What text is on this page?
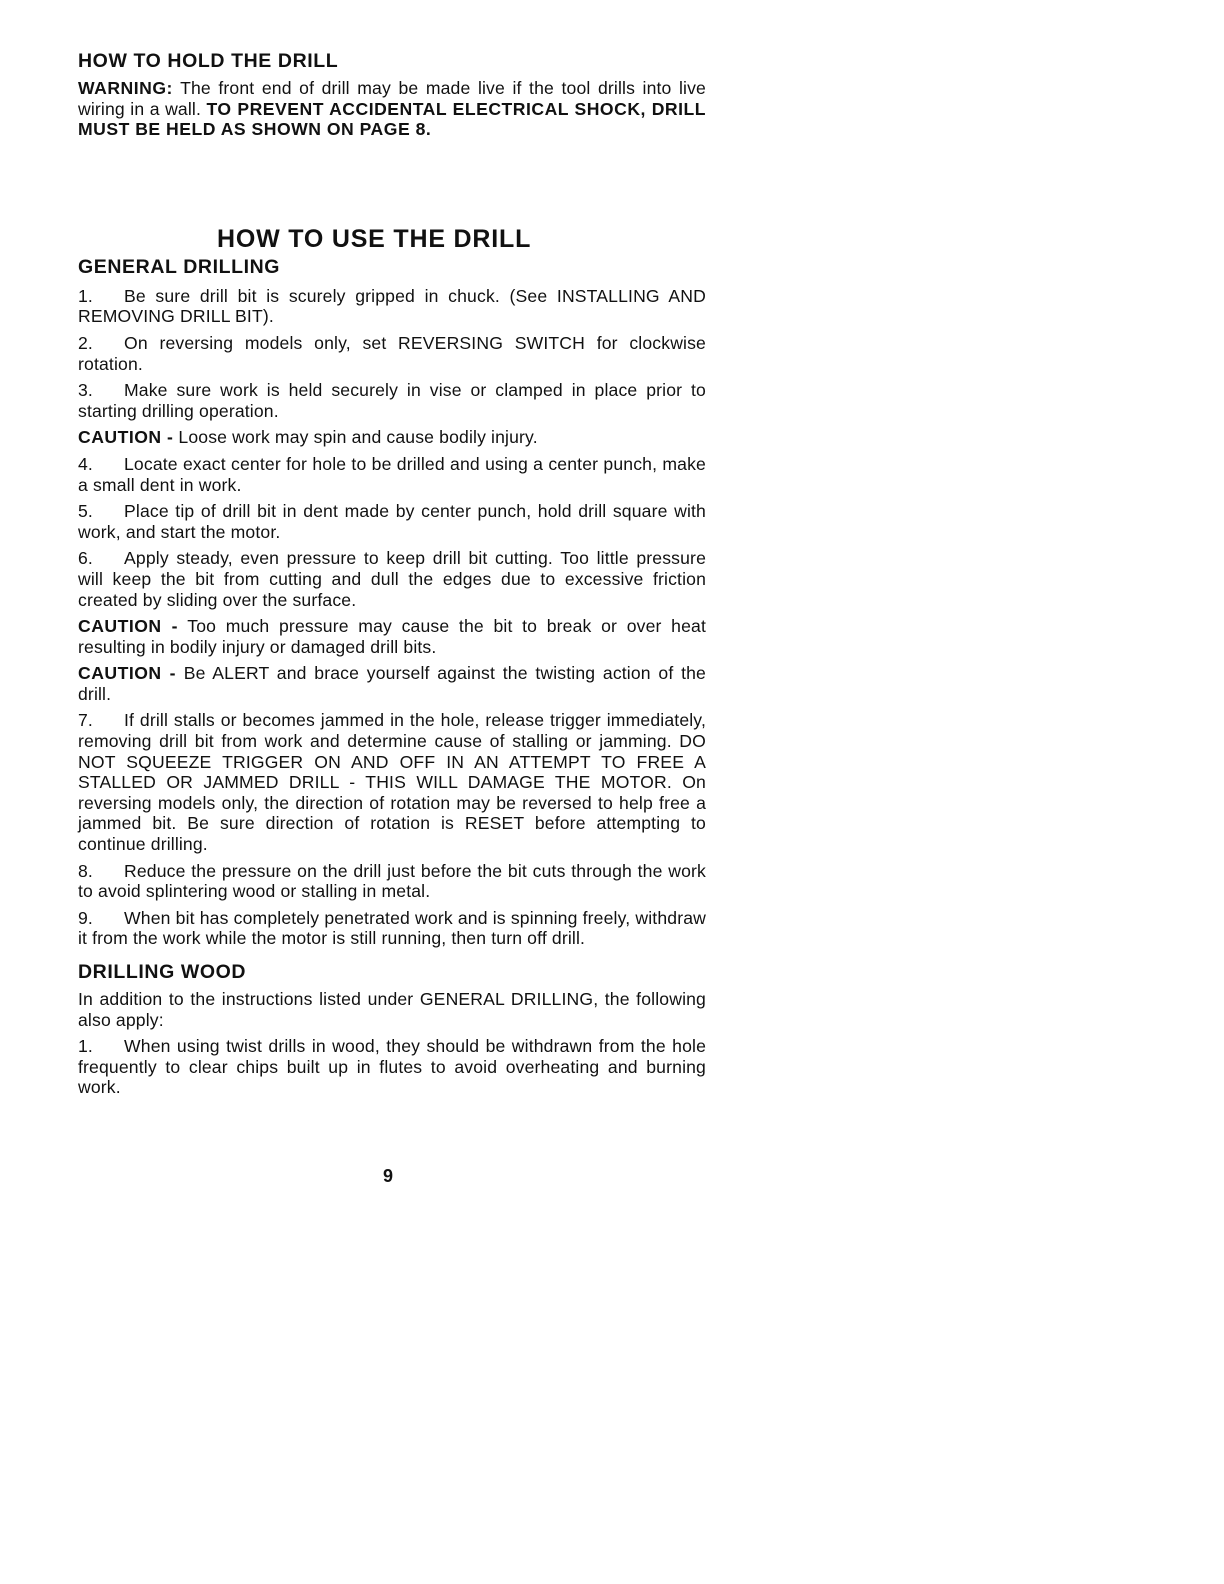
HOW TO HOLD THE DRILL

WARNING: The front end of drill may be made live if the tool drills into live wiring in a wall. TO PREVENT ACCIDENTAL ELECTRICAL SHOCK, DRILL MUST BE HELD AS SHOWN ON PAGE 8.

HOW TO USE THE DRILL
GENERAL DRILLING

1. Be sure drill bit is scurely gripped in chuck. (See INSTALLING AND REMOVING DRILL BIT).

2. On reversing models only, set REVERSING SWITCH for clockwise rotation.

3. Make sure work is held securely in vise or clamped in place prior to starting drilling operation.

CAUTION - Loose work may spin and cause bodily injury.

4. Locate exact center for hole to be drilled and using a center punch, make a small dent in work.

5. Place tip of drill bit in dent made by center punch, hold drill square with work, and start the motor.

6. Apply steady, even pressure to keep drill bit cutting. Too little pressure will keep the bit from cutting and dull the edges due to excessive friction created by sliding over the surface.

CAUTION - Too much pressure may cause the bit to break or over heat resulting in bodily injury or damaged drill bits.

CAUTION - Be ALERT and brace yourself against the twisting action of the drill.

7. If drill stalls or becomes jammed in the hole, release trigger immediately, removing drill bit from work and determine cause of stalling or jamming. DO NOT SQUEEZE TRIGGER ON AND OFF IN AN ATTEMPT TO FREE A STALLED OR JAMMED DRILL - THIS WILL DAMAGE THE MOTOR. On reversing models only, the direction of rotation may be reversed to help free a jammed bit. Be sure direction of rotation is RESET before attempting to continue drilling.

8. Reduce the pressure on the drill just before the bit cuts through the work to avoid splintering wood or stalling in metal.

9. When bit has completely penetrated work and is spinning freely, withdraw it from the work while the motor is still running, then turn off drill.

DRILLING WOOD

In addition to the instructions listed under GENERAL DRILLING, the following also apply:

1. When using twist drills in wood, they should be withdrawn from the hole frequently to clear chips built up in flutes to avoid overheating and burning work.

9
